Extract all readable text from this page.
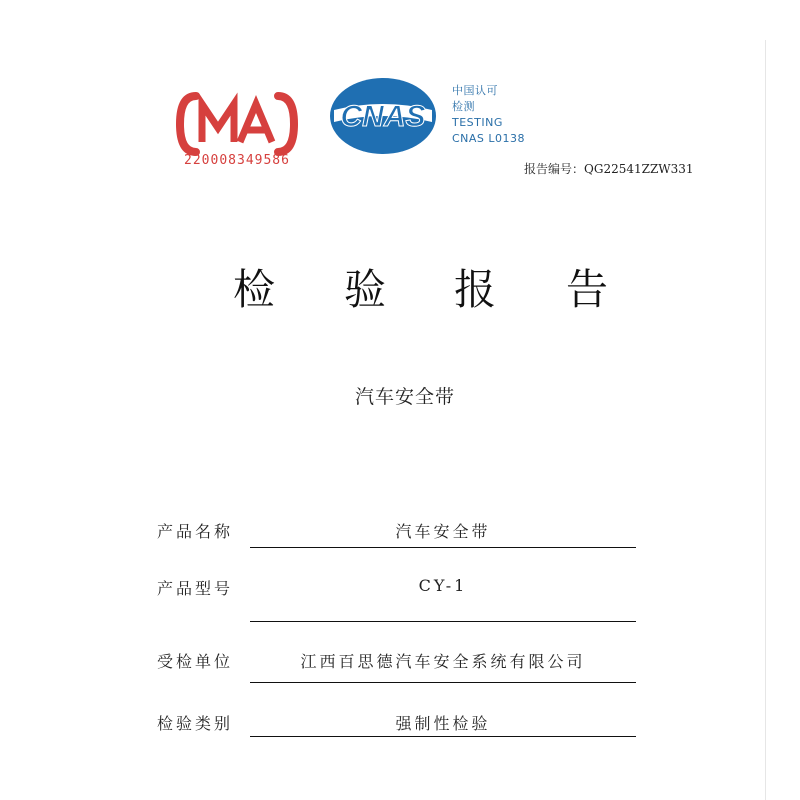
220008349586
CNAS
中国认可
检测
TESTING
CNAS L0138
报告编号：QG22541ZZW331
检 验 报 告
汽车安全带
产品名称	汽车安全带
产品型号	CY-1
受检单位	江西百思德汽车安全系统有限公司
检验类别	强制性检验
